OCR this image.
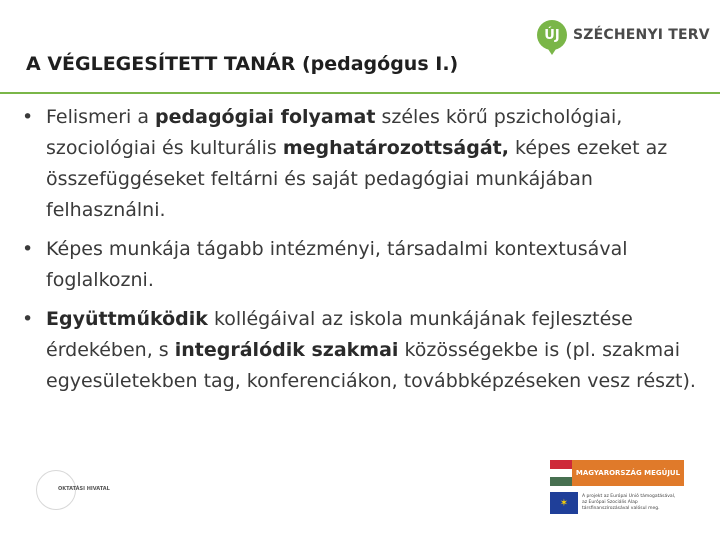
ÚJ SZÉCHENYI TERV
A VÉGLEGESÍTETT TANÁR (pedagógus I.)
• Felismeri a pedagógiai folyamat széles körű pszichológiai, szociológiai és kulturális meghatározottságát, képes ezeket az összefüggéseket feltárni és saját pedagógiai munkájában felhasználni.
• Képes munkája tágabb intézményi, társadalmi kontextusával foglalkozni.
• Együttműködik kollégáival az iskola munkájának fejlesztése érdekében, s integrálódik szakmai közösségekbe is (pl. szakmai egyesületekben tag, konferenciákon, továbbképzéseken vesz részt).
OKTATÁSI HIVATAL
MAGYARORSZÁG MEGÚJUL
✶
A projekt az Európai Unió támogatásával, az Európai Szociális Alap társfinanszírozásával valósul meg.
